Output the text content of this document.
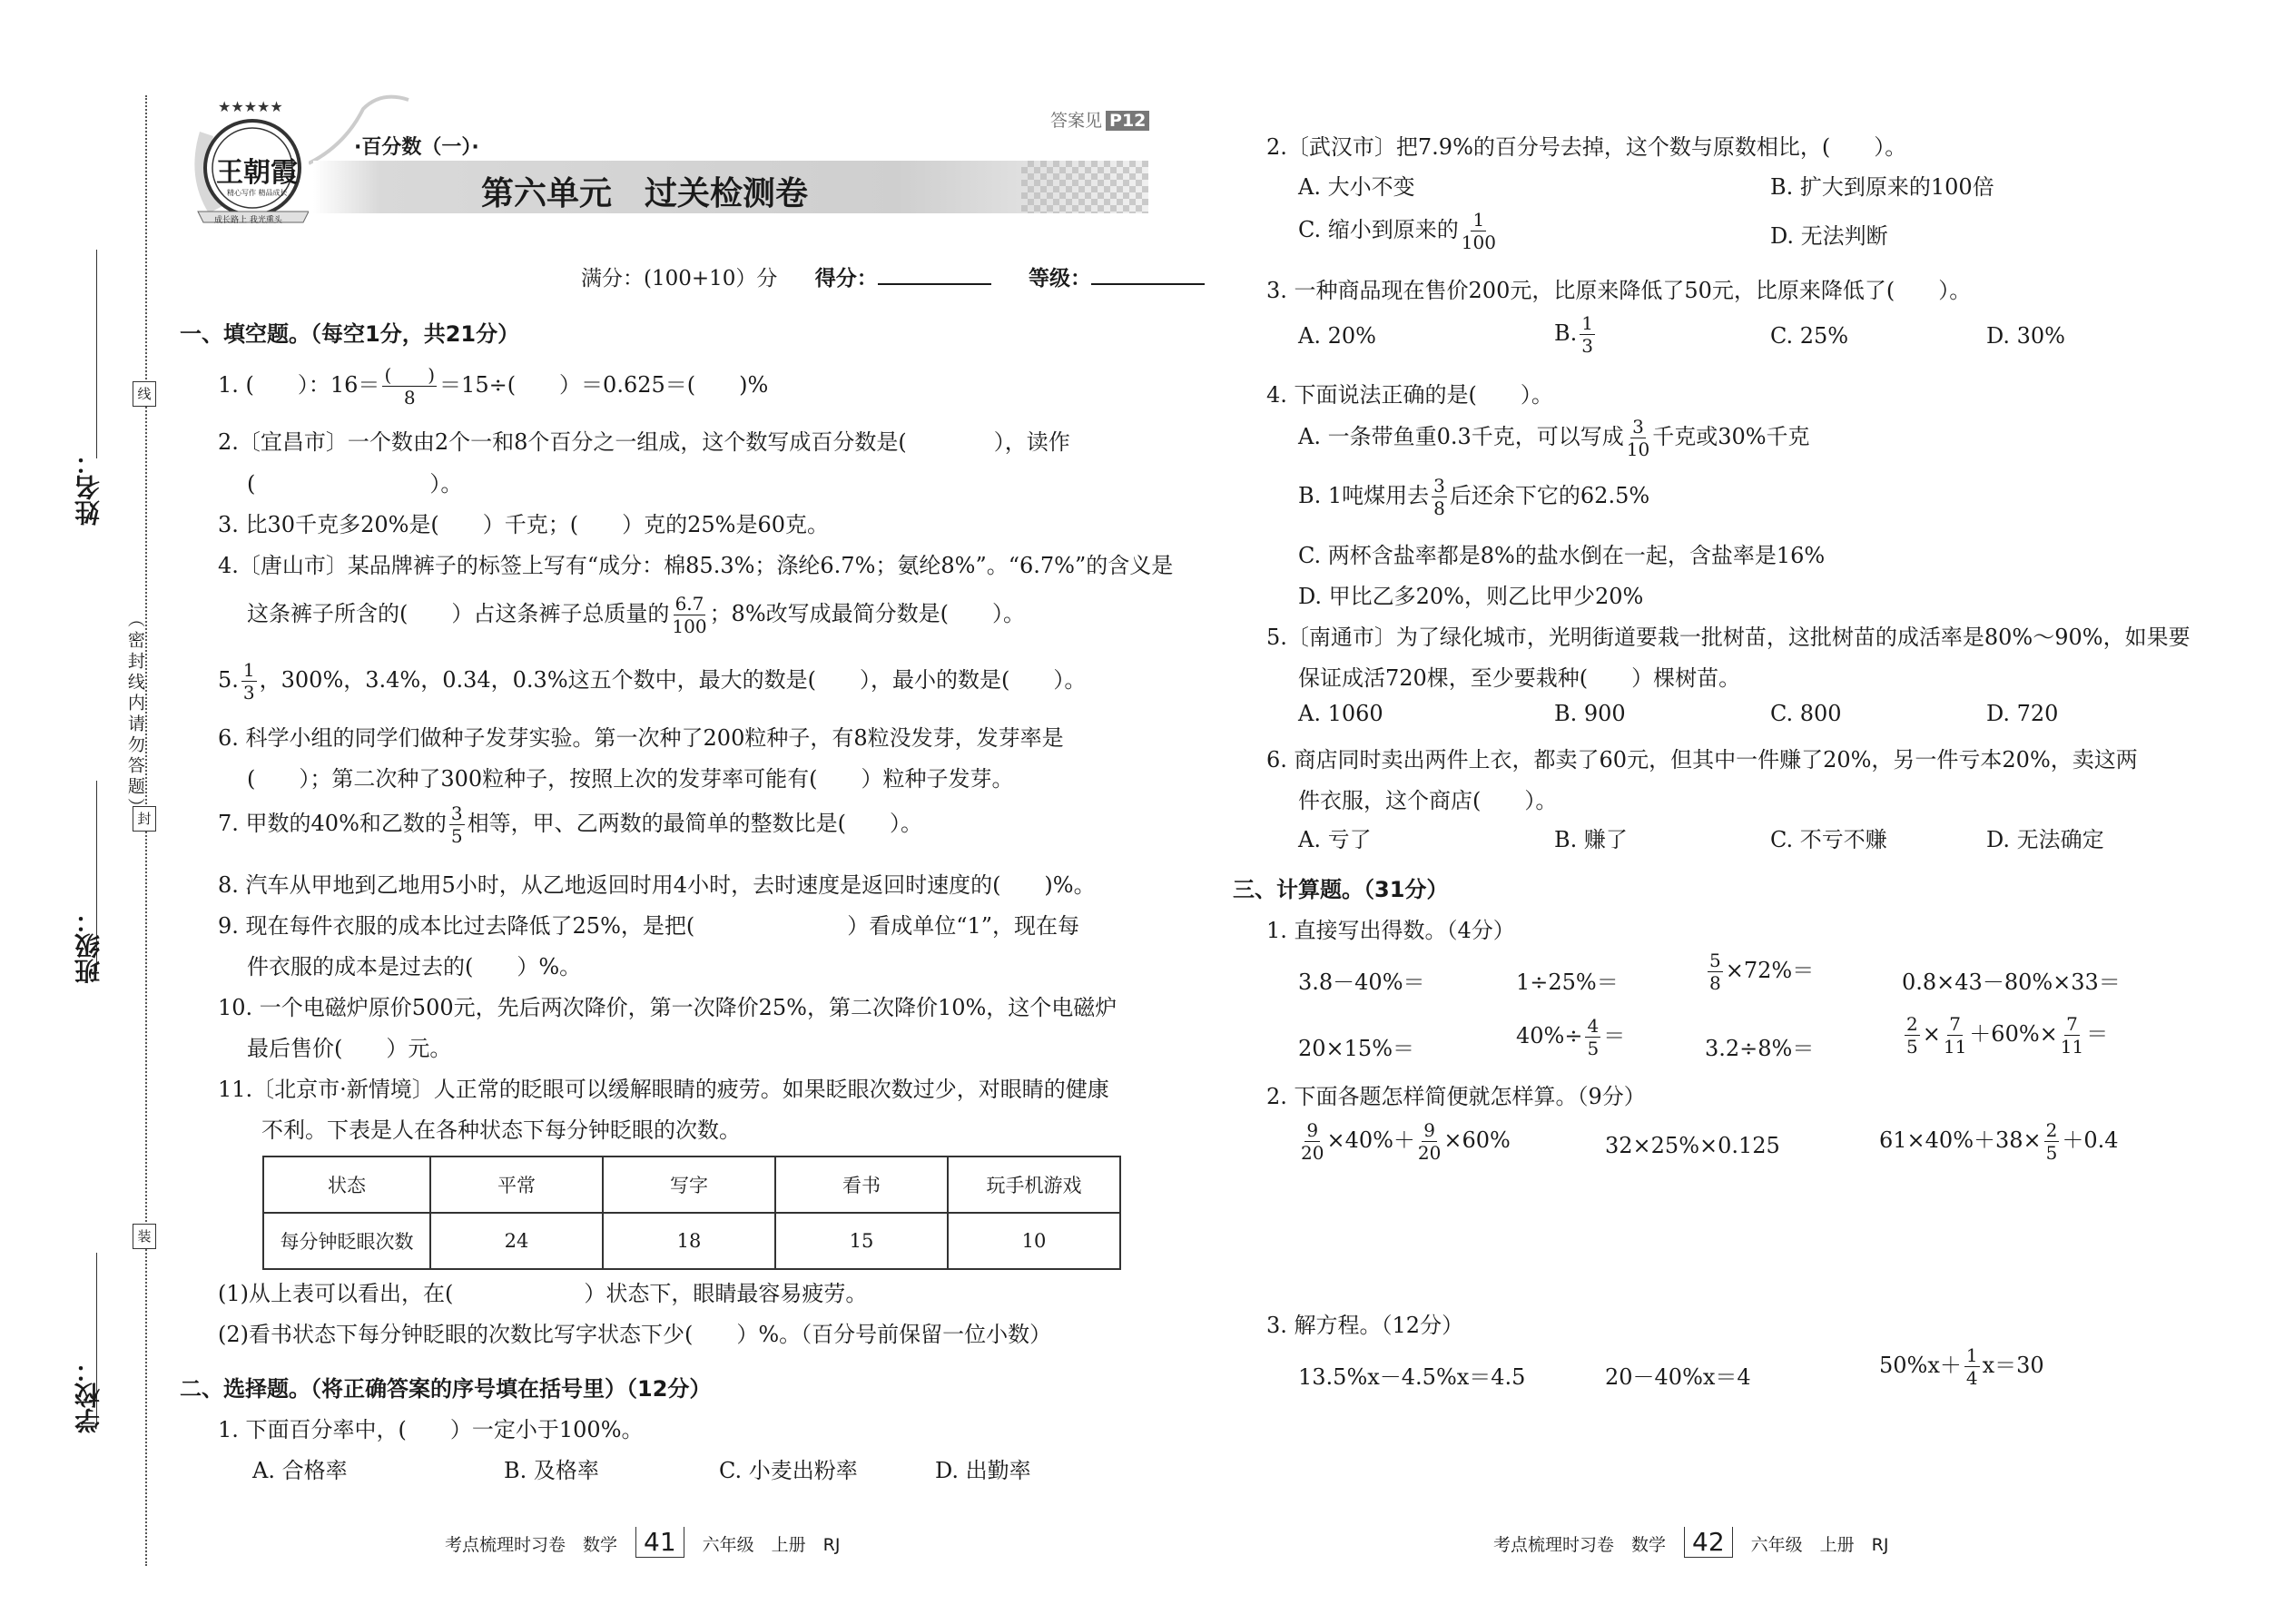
姓名：
班级：
学校：
线
封
装
（密封线内请勿答题）
★★★★★
王朝霞
精心写作 精品成长
成长路上 我光熏头
·百分数（一）·
第六单元　过关检测卷
答案见 P12
满分：(100+10）分 得分：	等级：
一、填空题。（每空1分，共21分）
1. (　　）：$16= \frac{( )}{8} =15\div$(　　）＝0.625＝(　　)%
2.〔宜昌市〕一个数由2个一和8个百分之一组成，这个数写成百分数是(　　　　），读作
(　　　　　　　　）。
3. 比30千克多20%是(　　）千克；(　　）克的25%是60克。
4.〔唐山市〕某品牌裤子的标签上写有“成分：棉85.3%；涤纶6.7%；氨纶8%”。“6.7%”的含义是
这条裤子所含的(　　）占这条裤子总质量的 $\frac{6.7}{100}$ ；8%改写成最简分数是(　　）。
5. $\frac{1}{3}$ ，300%，3.4%，0.34̇，0.3%这五个数中，最大的数是(　　），最小的数是(　　）。
6. 科学小组的同学们做种子发芽实验。第一次种了200粒种子，有8粒没发芽，发芽率是
(　　）；第二次种了300粒种子，按照上次的发芽率可能有(　　）粒种子发芽。
7. 甲数的40%和乙数的 $\frac{3}{5}$ 相等，甲、乙两数的最简单的整数比是(　　）。
8. 汽车从甲地到乙地用5小时，从乙地返回时用4小时，去时速度是返回时速度的(　　)%。
9. 现在每件衣服的成本比过去降低了25%，是把(　　　　　　　）看成单位“1”，现在每
件衣服的成本是过去的(　　）%。
10. 一个电磁炉原价500元，先后两次降价，第一次降价25%，第二次降价10%，这个电磁炉
最后售价(　　）元。
11.〔北京市·新情境〕人正常的眨眼可以缓解眼睛的疲劳。如果眨眼次数过少，对眼睛的健康
不利。下表是人在各种状态下每分钟眨眼的次数。
状态	平常	写字	看书	玩手机游戏
每分钟眨眼次数	24	18	15	10
(1)从上表可以看出，在(　　　　　　）状态下，眼睛最容易疲劳。
(2)看书状态下每分钟眨眼的次数比写字状态下少(　　）%。（百分号前保留一位小数）
二、选择题。（将正确答案的序号填在括号里）（12分）
1. 下面百分率中，(　　）一定小于100%。
A. 合格率	B. 及格率	C. 小麦出粉率	D. 出勤率
2.〔武汉市〕把7.9%的百分号去掉，这个数与原数相比，(　　）。
A. 大小不变	B. 扩大到原来的100倍
C. 缩小到原来的 $\frac{1}{100}$	D. 无法判断
3. 一种商品现在售价200元，比原来降低了50元，比原来降低了(　　）。
A. 20%	B. $\frac{1}{3}$	C. 25%	D. 30%
4. 下面说法正确的是(　　）。
A. 一条带鱼重0.3千克，可以写成 $\frac{3}{10}$ 千克或30%千克
B. 1吨煤用去 $\frac{3}{8}$ 后还余下它的62.5%
C. 两杯含盐率都是8%的盐水倒在一起，含盐率是16%
D. 甲比乙多20%，则乙比甲少20%
5.〔南通市〕为了绿化城市，光明街道要栽一批树苗，这批树苗的成活率是80%～90%，如果要
保证成活720棵，至少要栽种(　　）棵树苗。
A. 1060	B. 900	C. 800	D. 720
6. 商店同时卖出两件上衣，都卖了60元，但其中一件赚了20%，另一件亏本20%，卖这两
件衣服，这个商店(　　）。
A. 亏了	B. 赚了	C. 不亏不赚	D. 无法确定
三、计算题。（31分）
1. 直接写出得数。（4分）
3.8－40%＝	1÷25%＝	$\frac{5}{8} \times 72\%=$	0.8×43－80%×33＝
20×15%＝	$40\%\div \frac{4}{5}$ ＝	3.2÷8%＝	$\frac{2}{5} \times \frac{7}{11} +60\%\times \frac{7}{11}$ ＝
2. 下面各题怎样简便就怎样算。（9分）
$\frac{9}{20} \times 40\%+ \frac{9}{20} \times 60\%$	32×25%×0.125	$61\times 40\%+38\times \frac{2}{5} +0.4$
3. 解方程。（12分）
13.5%x－4.5%x＝4.5	20－40%x＝4	$50\%x+ \frac{1}{4} x=30$
考点梳理时习卷　数学 41 六年级　上册　RJ	考点梳理时习卷　数学 42 六年级　上册　RJ
